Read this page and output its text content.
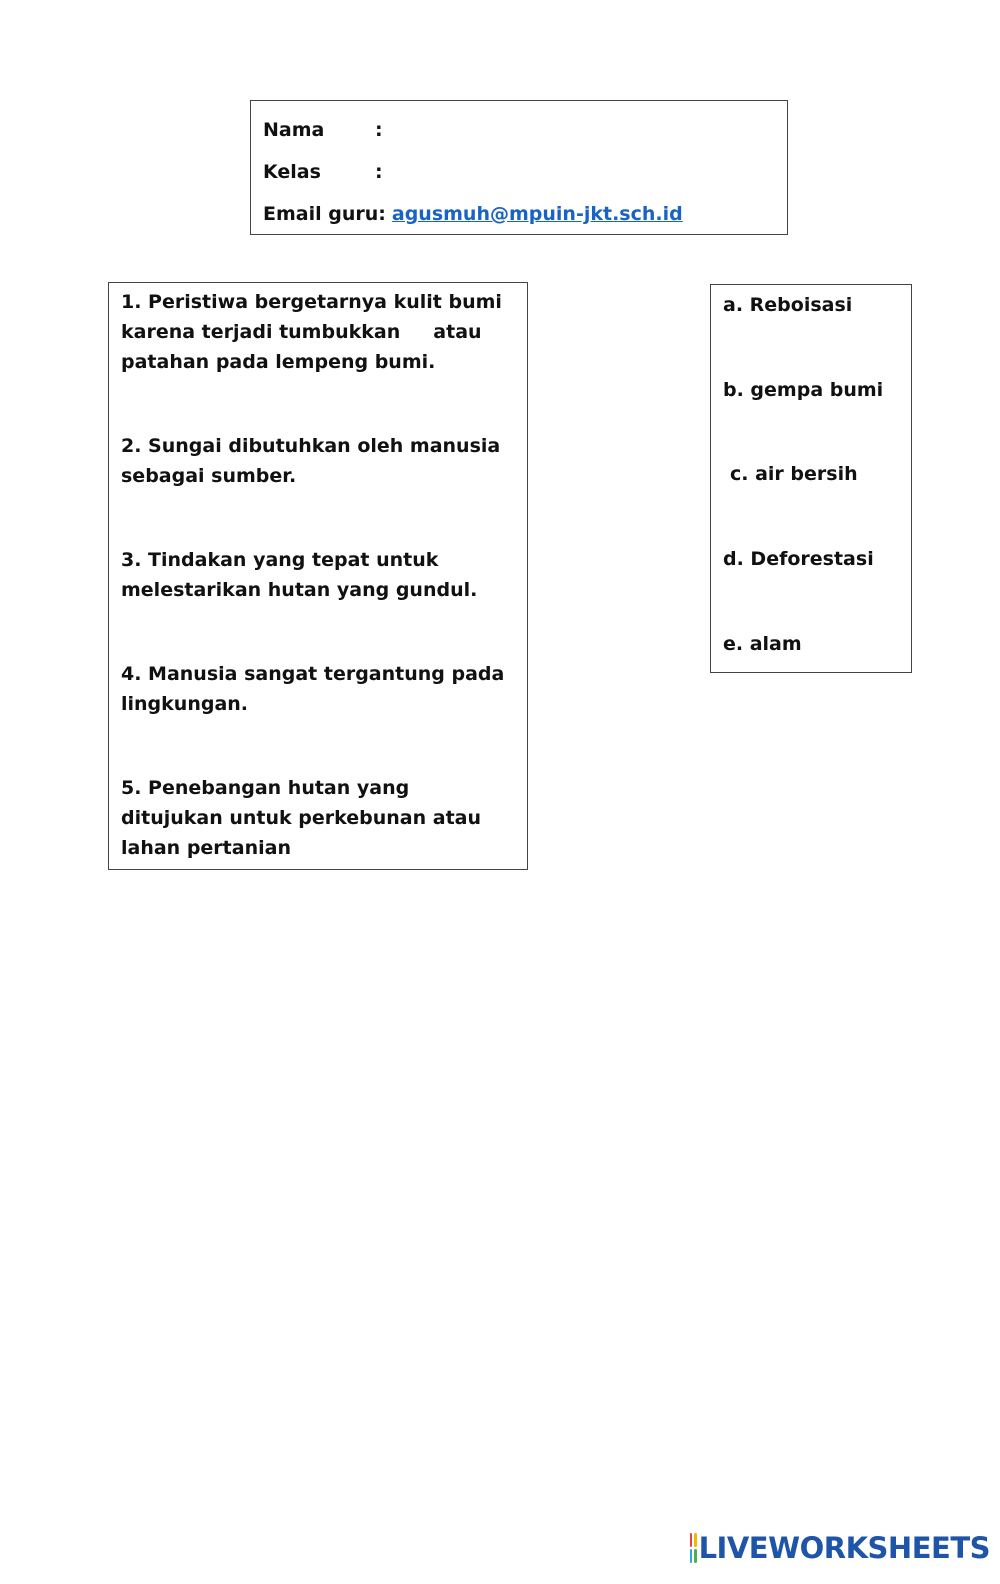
Nama	:
Kelas	:
Email guru: agusmuh@mpuin-jkt.sch.id
1. Peristiwa bergetarnya kulit bumi karena terjadi tumbukkan     atau patahan pada lempeng bumi.
2. Sungai dibutuhkan oleh manusia sebagai sumber.
3. Tindakan yang tepat untuk melestarikan hutan yang gundul.
4. Manusia sangat tergantung pada lingkungan.
5. Penebangan hutan yang ditujukan untuk perkebunan atau lahan pertanian
a. Reboisasi
b. gempa bumi
c. air bersih
d. Deforestasi
e. alam
LIVEWORKSHEETS
